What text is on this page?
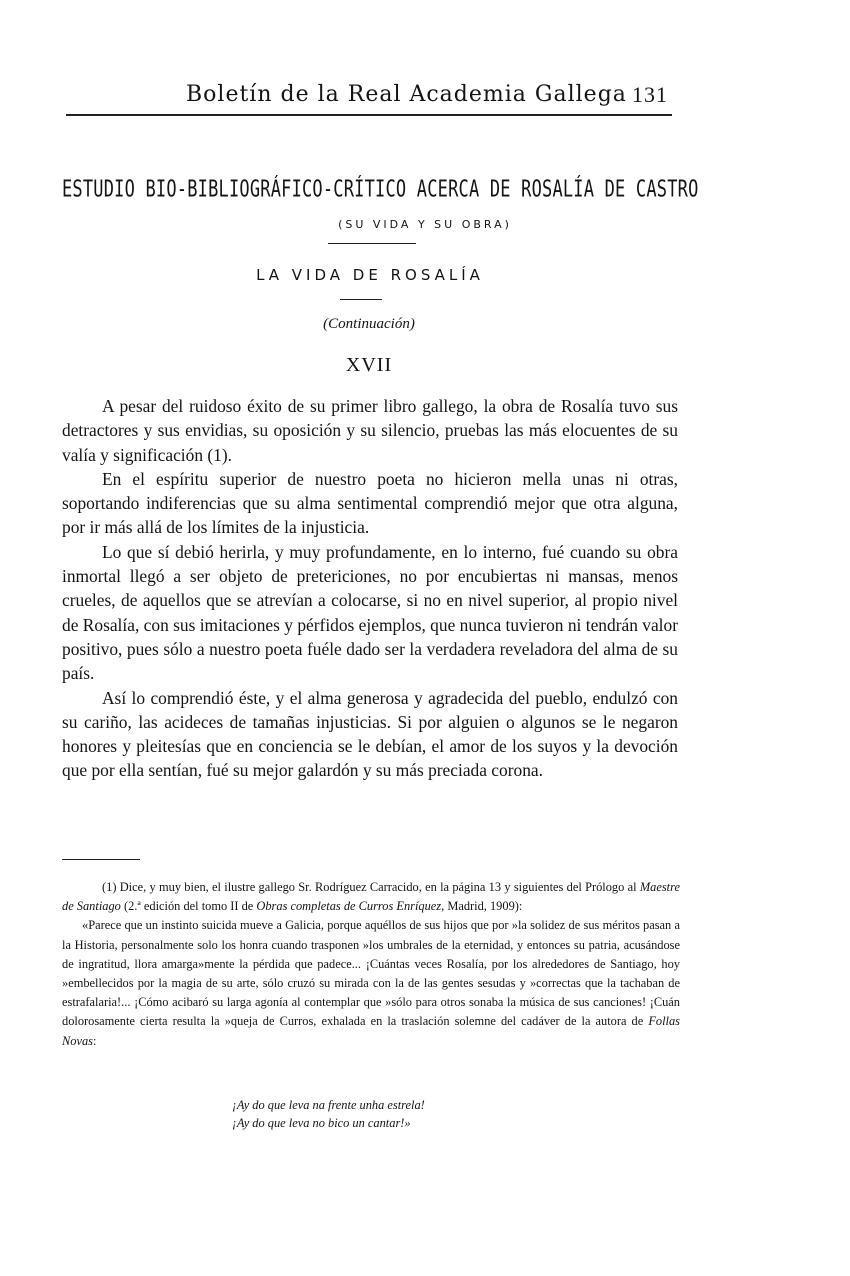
Boletín de la Real Academia Gallega 131
ESTUDIO BIO-BIBLIOGRÁFICO-CRÍTICO ACERCA DE ROSALÍA DE CASTRO
(SU VIDA Y SU OBRA)
LA VIDA DE ROSALÍA
(Continuación)
XVII

A pesar del ruidoso éxito de su primer libro gallego, la obra de Rosalía tuvo sus detractores y sus envidias, su oposición y su silencio, pruebas las más elocuentes de su valía y significación (1).

En el espíritu superior de nuestro poeta no hicieron mella unas ni otras, soportando indiferencias que su alma sentimental comprendió mejor que otra alguna, por ir más allá de los límites de la injusticia.

Lo que sí debió herirla, y muy profundamente, en lo interno, fué cuando su obra inmortal llegó a ser objeto de pretericiones, no por encubiertas ni mansas, menos crueles, de aquellos que se atrevían a colocarse, si no en nivel superior, al propio nivel de Rosalía, con sus imitaciones y pérfidos ejemplos, que nunca tuvieron ni tendrán valor positivo, pues sólo a nuestro poeta fuéle dado ser la verdadera reveladora del alma de su país.

Así lo comprendió éste, y el alma generosa y agradecida del pueblo, endulzó con su cariño, las acideces de tamañas injusticias. Si por alguien o algunos se le negaron honores y pleitesías que en conciencia se le debían, el amor de los suyos y la devoción que por ella sentían, fué su mejor galardón y su más preciada corona.

(1) Dice, y muy bien, el ilustre gallego Sr. Rodríguez Carracido, en la página 13 y siguientes del Prólogo al Maestre de Santiago (2.ª edición del tomo II de Obras completas de Curros Enríquez, Madrid, 1909):

«Parece que un instinto suicida mueve a Galicia, porque aquéllos de sus hijos que por »la solidez de sus méritos pasan a la Historia, personalmente solo los honra cuando trasponen »los umbrales de la eternidad, y entonces su patria, acusándose de ingratitud, llora amarga»mente la pérdida que padece... ¡Cuántas veces Rosalía, por los alrededores de Santiago, hoy »embellecidos por la magia de su arte, sólo cruzó su mirada con la de las gentes sesudas y »correctas que la tachaban de estrafalaria!... ¡Cómo acibaró su larga agonía al contemplar que »sólo para otros sonaba la música de sus canciones! ¡Cuán dolorosamente cierta resulta la »queja de Curros, exhalada en la traslación solemne del cadáver de la autora de Follas Novas:

¡Ay do que leva na frente unha estrela!
¡Ay do que leva no bico un cantar!»
